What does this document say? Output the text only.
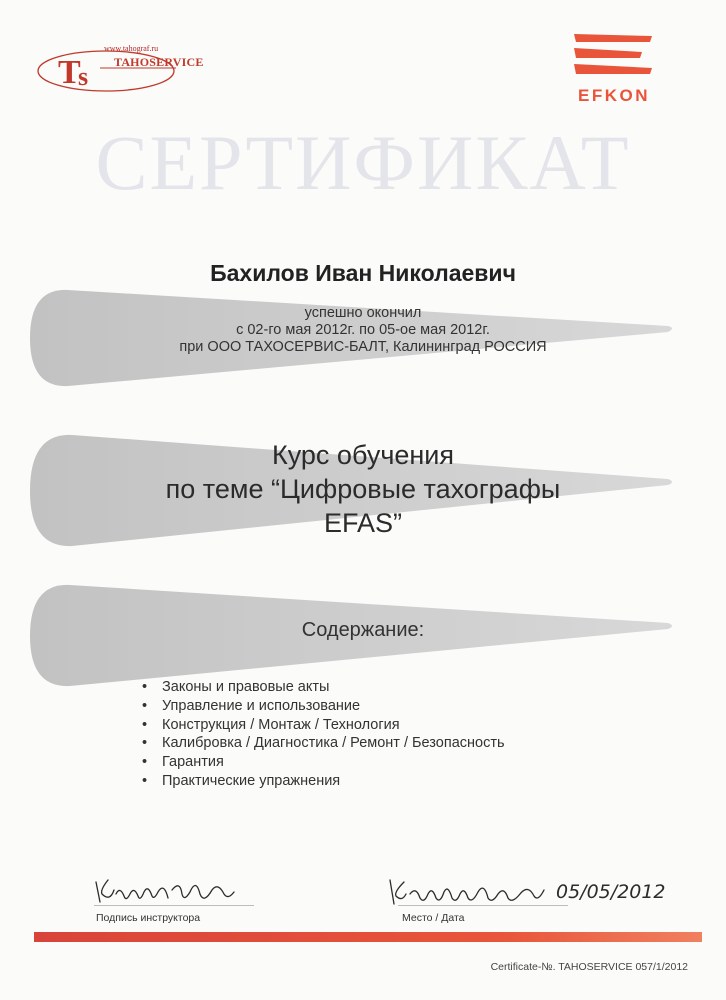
T
s
www.tahograf.ru
TAHOSERVICE
EFKON
СЕРТИФИКАТ
Бахилов Иван Николаевич
успешно окончил
с 02-го мая 2012г. по 05-ое мая 2012г.
при ООО ТАХОСЕРВИС-БАЛТ, Калининград РОССИЯ
Курс обучения
по теме “Цифровые тахографы
EFAS”
Содержание:
• Законы и правовые акты
• Управление и использование
• Конструкция / Монтаж / Технология
• Калибровка / Диагностика / Ремонт / Безопасность
• Гарантия
• Практические упражнения
05/05/2012
Подпись инструктора	Место / Дата
Certificate-№. TAHOSERVICE 057/1/2012
